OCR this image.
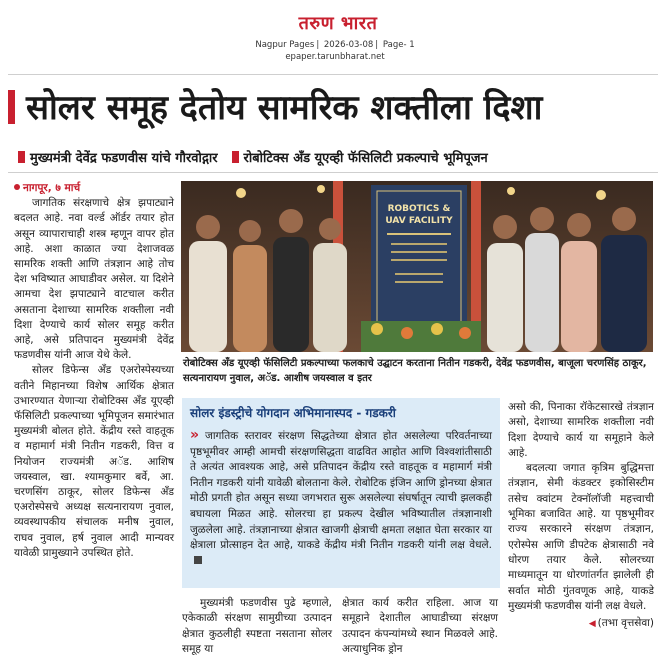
तरुण भारत
Nagpur Pages | 2026-03-08 | Page- 1
epaper.tarunbharat.net
सोलर समूह देतोय सामरिक शक्तीला दिशा
मुख्यमंत्री देवेंद्र फडणवीस यांचे गौरवोद्गार रोबोटिक्स अँड यूएव्ही फॅसिलिटी प्रकल्पाचे भूमिपूजन

नागपूर, ७ मार्च
जागतिक संरक्षणाचे क्षेत्र झपाट्याने बदलत आहे. नवा वर्ल्ड ऑर्डर तयार होत असून व्यापाराचाही शस्त्र म्हणून वापर होत आहे. अशा काळात ज्या देशाजवळ सामरिक शक्ती आणि तंत्रज्ञान आहे तोच देश भविष्यात आघाडीवर असेल. या दिशेने आमचा देश झपाट्याने वाटचाल करीत असताना देशाच्या सामरिक शक्तीला नवी दिशा देण्याचे कार्य सोलर समूह करीत आहे, असे प्रतिपादन मुख्यमंत्री देवेंद्र फडणवीस यांनी आज येथे केले.

सोलर डिफेन्स अँड एअरोस्पेस्यच्या वतीने मिहानच्या विशेष आर्थिक क्षेत्रात उभारण्यात येणाऱ्या रोबोटिक्स अँड यूएव्ही फॅसिलिटी प्रकल्पाच्या भूमिपूजन समारंभात मुख्यमंत्री बोलत होते. केंद्रीय रस्ते वाहतूक व महामार्ग मंत्री नितीन गडकरी, वित्त व नियोजन राज्यमंत्री अॅड. आशिष जयस्वाल, खा. श्यामकुमार बर्वे, आ. चरणसिंग ठाकूर, सोलर डिफेन्स अँड एअरोस्पेसचे अध्यक्ष सत्यनारायण नुवाल, व्यवस्थापकीय संचालक मनीष नुवाल, राघव नुवाल, हर्ष नुवाल आदी मान्यवर यावेळी प्रामुख्याने उपस्थित होते.

ROBOTICS &
UAV FACILITY
रोबोटिक्स अँड यूएव्ही फॅसिलिटी प्रकल्पाच्या फलकाचे उद्घाटन करताना नितीन गडकरी, देवेंद्र फडणवीस, बाजूला चरणसिंह ठाकूर, सत्यनारायण नुवाल, अॅड. आशीष जयस्वाल व इतर
सोलर इंडस्ट्रीचे योगदान अभिमानास्पद - गडकरी
» जागतिक स्तरावर संरक्षण सिद्धतेच्या क्षेत्रात होत असलेल्या परिवर्तनाच्या पृष्ठभूमीवर आम्ही आमची संरक्षणसिद्धता वाढवित आहोत आणि विश्वशांतीसाठी ते अत्यंत आवश्यक आहे, असे प्रतिपादन केंद्रीय रस्ते वाहतूक व महामार्ग मंत्री नितीन गडकरी यांनी यावेळी बोलताना केले. रोबोटिक इंजिन आणि ड्रोनच्या क्षेत्रात मोठी प्रगती होत असून सध्या जगभरात सुरू असलेल्या संघर्षातून त्याची झलकही बघायला मिळत आहे. सोलरचा हा प्रकल्प देखील भविष्यातील तंत्रज्ञानाशी जुळलेला आहे. तंत्रज्ञानाच्या क्षेत्रात खाजगी क्षेत्राची क्षमता लक्षात घेता सरकार या क्षेत्राला प्रोत्साहन देत आहे, याकडे केंद्रीय मंत्री नितीन गडकरी यांनी लक्ष वेधले.

मुख्यमंत्री फडणवीस पुढे म्हणाले, एकेकाळी संरक्षण सामुग्रीच्या उत्पादन क्षेत्रात कुठलीही स्पष्टता नसताना सोलर समूह या

क्षेत्रात कार्य करीत राहिला. आज या समूहाने देशातील आघाडीच्या संरक्षण उत्पादन कंपन्यांमध्ये स्थान मिळवले आहे. अत्याधुनिक ड्रोन

असो की, पिनाका रॉकेटसारखे तंत्रज्ञान असो, देशाच्या सामरिक शक्तीला नवी दिशा देण्याचे कार्य या समूहाने केले आहे.

बदलत्या जगात कृत्रिम बुद्धिमत्ता तंत्रज्ञान, सेमी कंडक्टर इकोसिस्टीम तसेच क्वांटम टेक्नॉलॉजी महत्त्वाची भूमिका बजावित आहे. या पृष्ठभूमीवर राज्य सरकारने संरक्षण तंत्रज्ञान, एरोस्पेस आणि डीपटेक क्षेत्रासाठी नवे धोरण तयार केले. सोलरच्या माध्यमातून या धोरणांतर्गत झालेली ही सर्वात मोठी गुंतवणूक आहे, याकडे मुख्यमंत्री फडणवीस यांनी लक्ष वेधले.

◀ (तभा वृत्तसेवा)
